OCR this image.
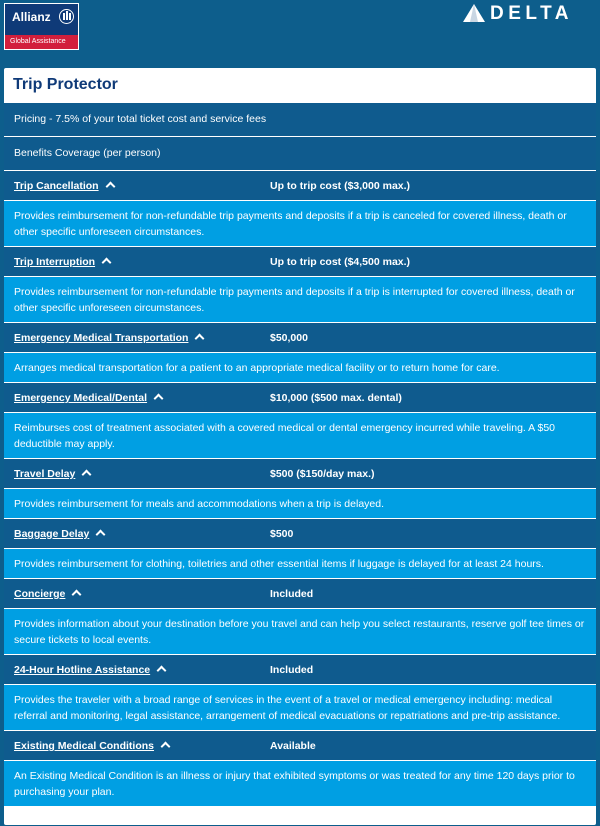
Allianz
Global Assistance
DELTA
Trip Protector
Pricing - 7.5% of your total ticket cost and service fees
Benefits Coverage (per person)
Trip Cancellation	Up to trip cost ($3,000 max.)
Provides reimbursement for non-refundable trip payments and deposits if a trip is canceled for covered illness, death or other specific unforeseen circumstances.
Trip Interruption	Up to trip cost ($4,500 max.)
Provides reimbursement for non-refundable trip payments and deposits if a trip is interrupted for covered illness, death or other specific unforeseen circumstances.
Emergency Medical Transportation	$50,000
Arranges medical transportation for a patient to an appropriate medical facility or to return home for care.
Emergency Medical/Dental	$10,000 ($500 max. dental)
Reimburses cost of treatment associated with a covered medical or dental emergency incurred while traveling. A $50 deductible may apply.
Travel Delay	$500 ($150/day max.)
Provides reimbursement for meals and accommodations when a trip is delayed.
Baggage Delay	$500
Provides reimbursement for clothing, toiletries and other essential items if luggage is delayed for at least 24 hours.
Concierge	Included
Provides information about your destination before you travel and can help you select restaurants, reserve golf tee times or secure tickets to local events.
24-Hour Hotline Assistance	Included
Provides the traveler with a broad range of services in the event of a travel or medical emergency including: medical referral and monitoring, legal assistance, arrangement of medical evacuations or repatriations and pre-trip assistance.
Existing Medical Conditions	Available
An Existing Medical Condition is an illness or injury that exhibited symptoms or was treated for any time 120 days prior to purchasing your plan.
